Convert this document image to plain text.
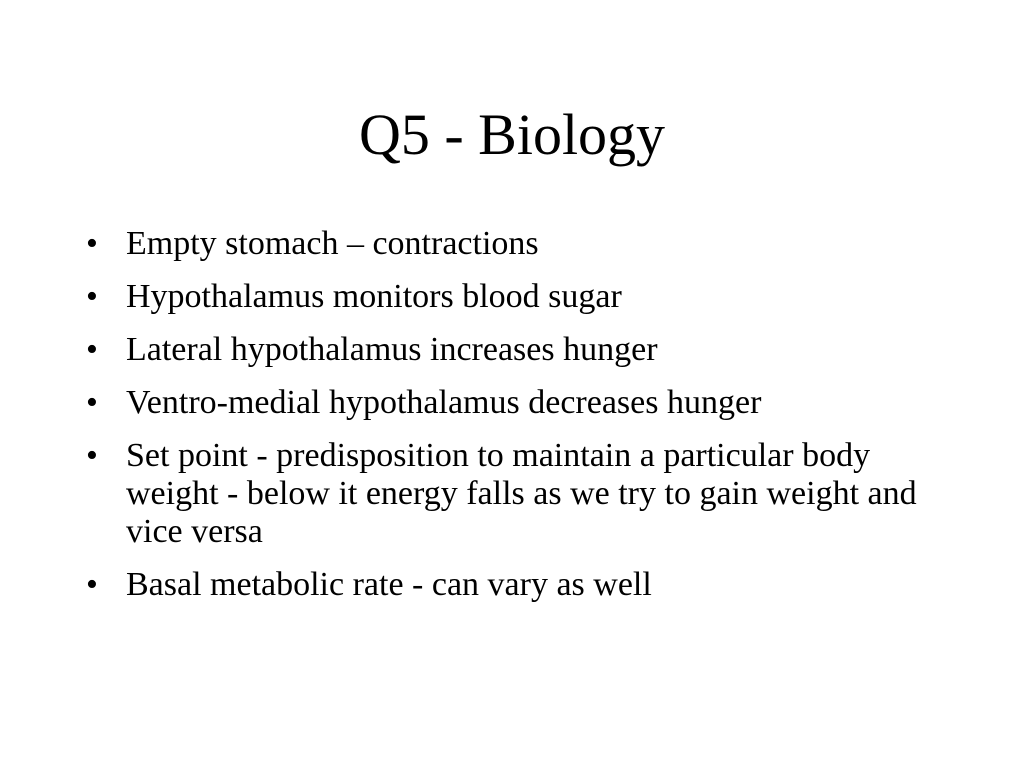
Q5 - Biology
• Empty stomach – contractions
• Hypothalamus monitors blood sugar
• Lateral hypothalamus increases hunger
• Ventro-medial hypothalamus decreases hunger
• Set point - predisposition to maintain a particular body weight - below it energy falls as we try to gain weight and vice versa
• Basal metabolic rate - can vary as well
